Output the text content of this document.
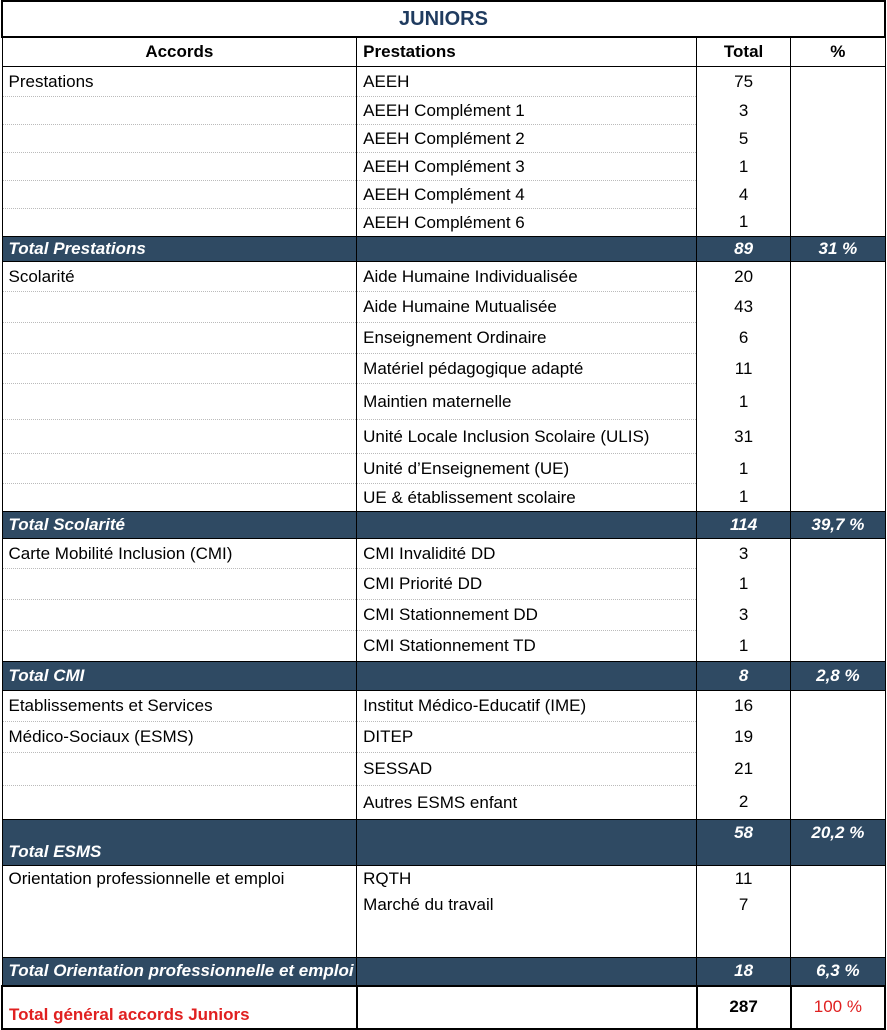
JUNIORS			
Accords	Prestations	Total	%
Prestations	AEEH	75	
	AEEH Complément 1	3	
	AEEH Complément 2	5	
	AEEH Complément 3	1	
	AEEH Complément 4	4	
	AEEH Complément 6	1	
Total Prestations		89	31 %
Scolarité	Aide Humaine Individualisée	20	
	Aide Humaine Mutualisée	43	
	Enseignement Ordinaire	6	
	Matériel pédagogique adapté	11	
	Maintien maternelle	1	
	Unité Locale Inclusion Scolaire (ULIS)	31	
	Unité d’Enseignement (UE)	1	
	UE & établissement scolaire	1	
Total Scolarité		114	39,7 %
Carte Mobilité Inclusion (CMI)	CMI Invalidité DD	3	
	CMI Priorité DD	1	
	CMI Stationnement DD	3	
	CMI Stationnement TD	1	
Total CMI		8	2,8 %
Etablissements et Services	Institut Médico-Educatif (IME)	16	
Médico-Sociaux (ESMS)	DITEP	19	
	SESSAD	21	
	Autres ESMS enfant	2	
Total ESMS		58	20,2 %
Orientation professionnelle et emploi	RQTH	11	
	Marché du travail	7	

Total Orientation professionnelle et emploi		18	6,3 %
Total général accords Juniors		287	100 %
